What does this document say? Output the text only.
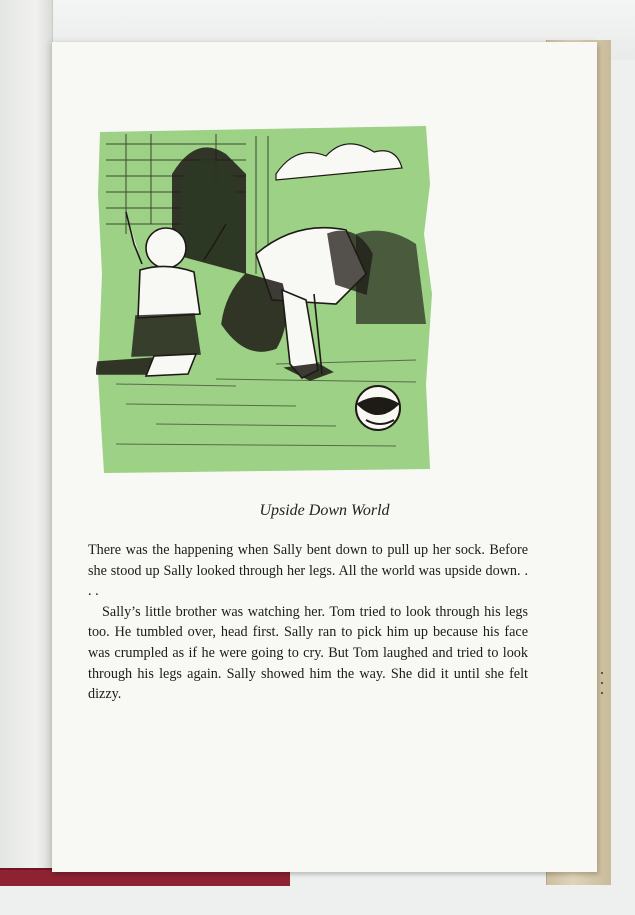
Upside Down World

There was the happening when Sally bent down to pull up her sock. Before she stood up Sally looked through her legs. All the world was upside down. . . .

Sally’s little brother was watching her. Tom tried to look through his legs too. He tumbled over, head first. Sally ran to pick him up because his face was crumpled as if he were going to cry. But Tom laughed and tried to look through his legs again. Sally showed him the way. She did it until she felt dizzy.
